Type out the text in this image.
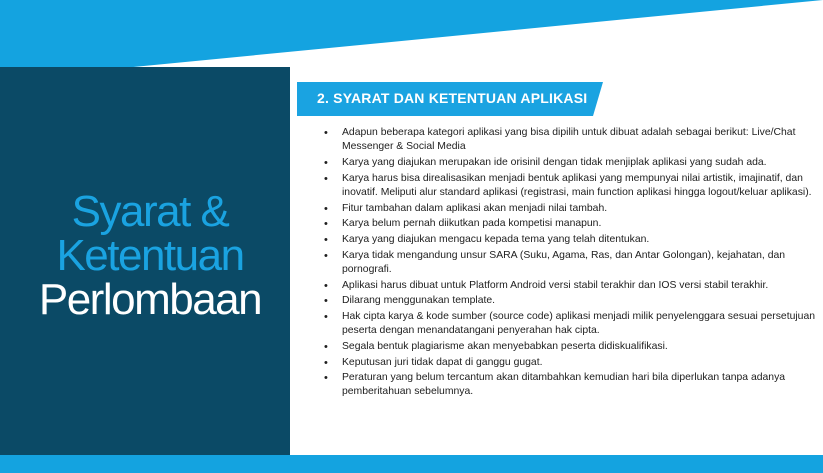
Syarat &
Ketentuan
Perlombaan
2. SYARAT DAN KETENTUAN APLIKASI
• Adapun beberapa kategori aplikasi yang bisa dipilih untuk dibuat adalah sebagai berikut: Live/Chat Messenger & Social Media
• Karya yang diajukan merupakan ide orisinil dengan tidak menjiplak aplikasi yang sudah ada.
• Karya harus bisa direalisasikan menjadi bentuk aplikasi yang mempunyai nilai artistik, imajinatif, dan inovatif. Meliputi alur standard aplikasi (registrasi, main function aplikasi hingga logout/keluar aplikasi).
• Fitur tambahan dalam aplikasi akan menjadi nilai tambah.
• Karya belum pernah diikutkan pada kompetisi manapun.
• Karya yang diajukan mengacu kepada tema yang telah ditentukan.
• Karya tidak mengandung unsur SARA (Suku, Agama, Ras, dan Antar Golongan), kejahatan, dan pornografi.
• Aplikasi harus dibuat untuk Platform Android versi stabil terakhir dan IOS versi stabil terakhir.
• Dilarang menggunakan template.
• Hak cipta karya & kode sumber (source code) aplikasi menjadi milik penyelenggara sesuai persetujuan peserta dengan menandatangani penyerahan hak cipta.
• Segala bentuk plagiarisme akan menyebabkan peserta didiskualifikasi.
• Keputusan juri tidak dapat di ganggu gugat.
• Peraturan yang belum tercantum akan ditambahkan kemudian hari bila diperlukan tanpa adanya pemberitahuan sebelumnya.
